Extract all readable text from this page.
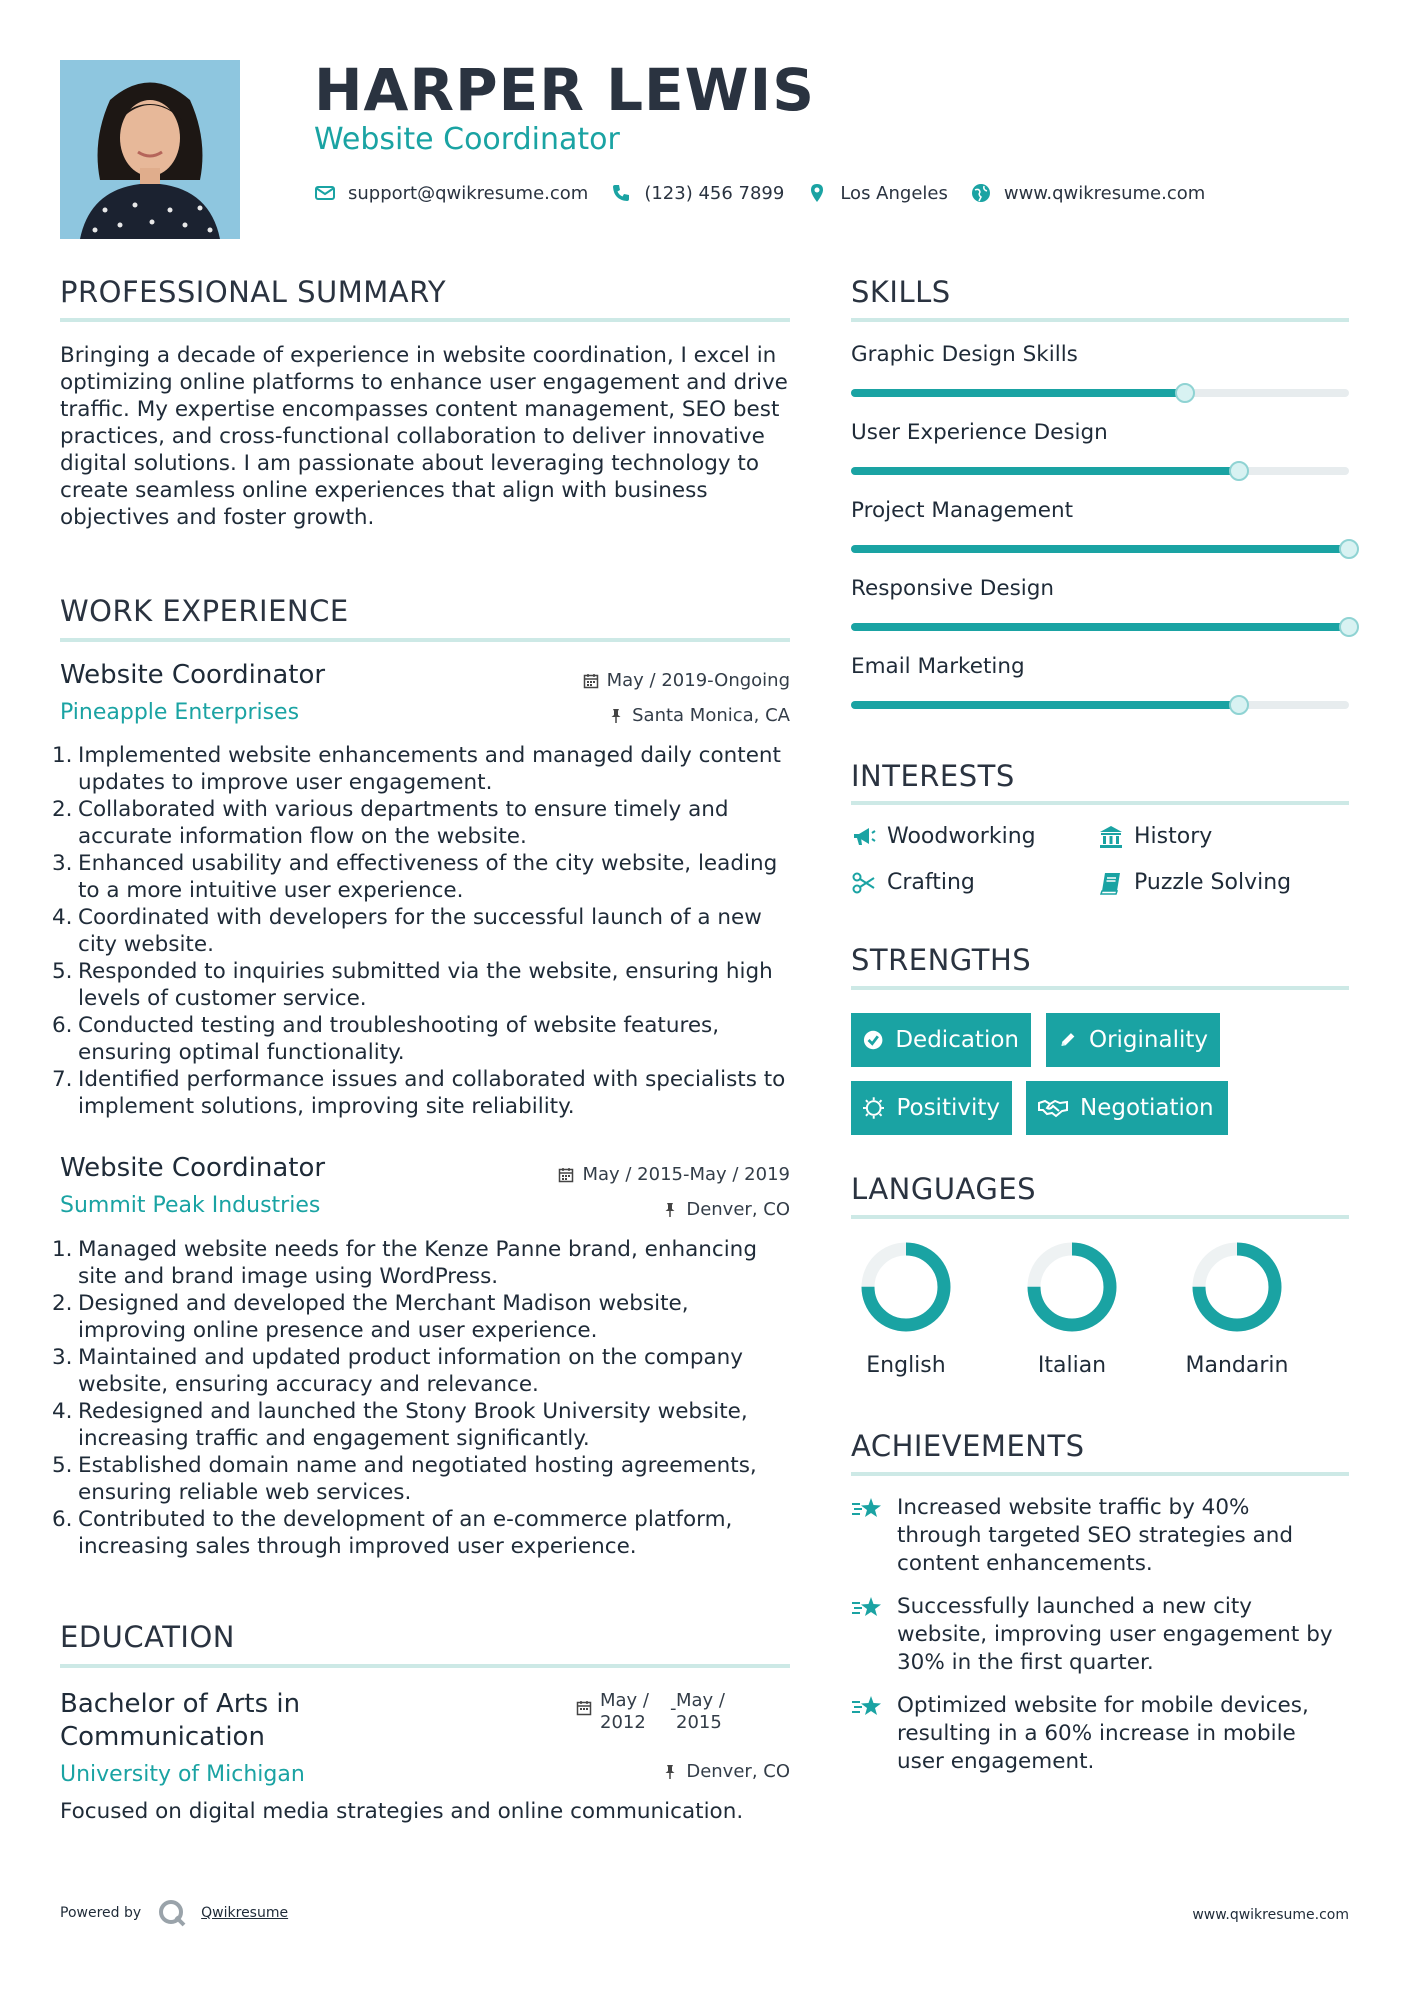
HARPER LEWIS
Website Coordinator
support@qwikresume.com	(123) 456 7899	Los Angeles	www.qwikresume.com
PROFESSIONAL SUMMARY
Bringing a decade of experience in website coordination, I excel in optimizing online platforms to enhance user engagement and drive traffic. My expertise encompasses content management, SEO best practices, and cross-functional collaboration to deliver innovative digital solutions. I am passionate about leveraging technology to create seamless online experiences that align with business objectives and foster growth.
WORK EXPERIENCE
Website Coordinator
Pineapple Enterprises
May / 2019-Ongoing
Santa Monica, CA
1. Implemented website enhancements and managed daily content updates to improve user engagement.
2. Collaborated with various departments to ensure timely and accurate information flow on the website.
3. Enhanced usability and effectiveness of the city website, leading to a more intuitive user experience.
4. Coordinated with developers for the successful launch of a new city website.
5. Responded to inquiries submitted via the website, ensuring high levels of customer service.
6. Conducted testing and troubleshooting of website features, ensuring optimal functionality.
7. Identified performance issues and collaborated with specialists to implement solutions, improving site reliability.
Website Coordinator
Summit Peak Industries
May / 2015-May / 2019
Denver, CO
1. Managed website needs for the Kenze Panne brand, enhancing site and brand image using WordPress.
2. Designed and developed the Merchant Madison website, improving online presence and user experience.
3. Maintained and updated product information on the company website, ensuring accuracy and relevance.
4. Redesigned and launched the Stony Brook University website, increasing traffic and engagement significantly.
5. Established domain name and negotiated hosting agreements, ensuring reliable web services.
6. Contributed to the development of an e-commerce platform, increasing sales through improved user experience.
EDUCATION
Bachelor of Arts in
Communication
University of Michigan
May /
2012
- May /
2015
Denver, CO
Focused on digital media strategies and online communication.
SKILLS
Graphic Design Skills
User Experience Design
Project Management
Responsive Design
Email Marketing
INTERESTS
Woodworking	History
Crafting	Puzzle Solving
STRENGTHS
Dedication	Originality
Positivity	Negotiation
LANGUAGES
English	Italian	Mandarin
ACHIEVEMENTS
Increased website traffic by 40% through targeted SEO strategies and content enhancements.
Successfully launched a new city website, improving user engagement by 30% in the first quarter.
Optimized website for mobile devices, resulting in a 60% increase in mobile user engagement.
Powered by	Qwikresume	www.qwikresume.com
